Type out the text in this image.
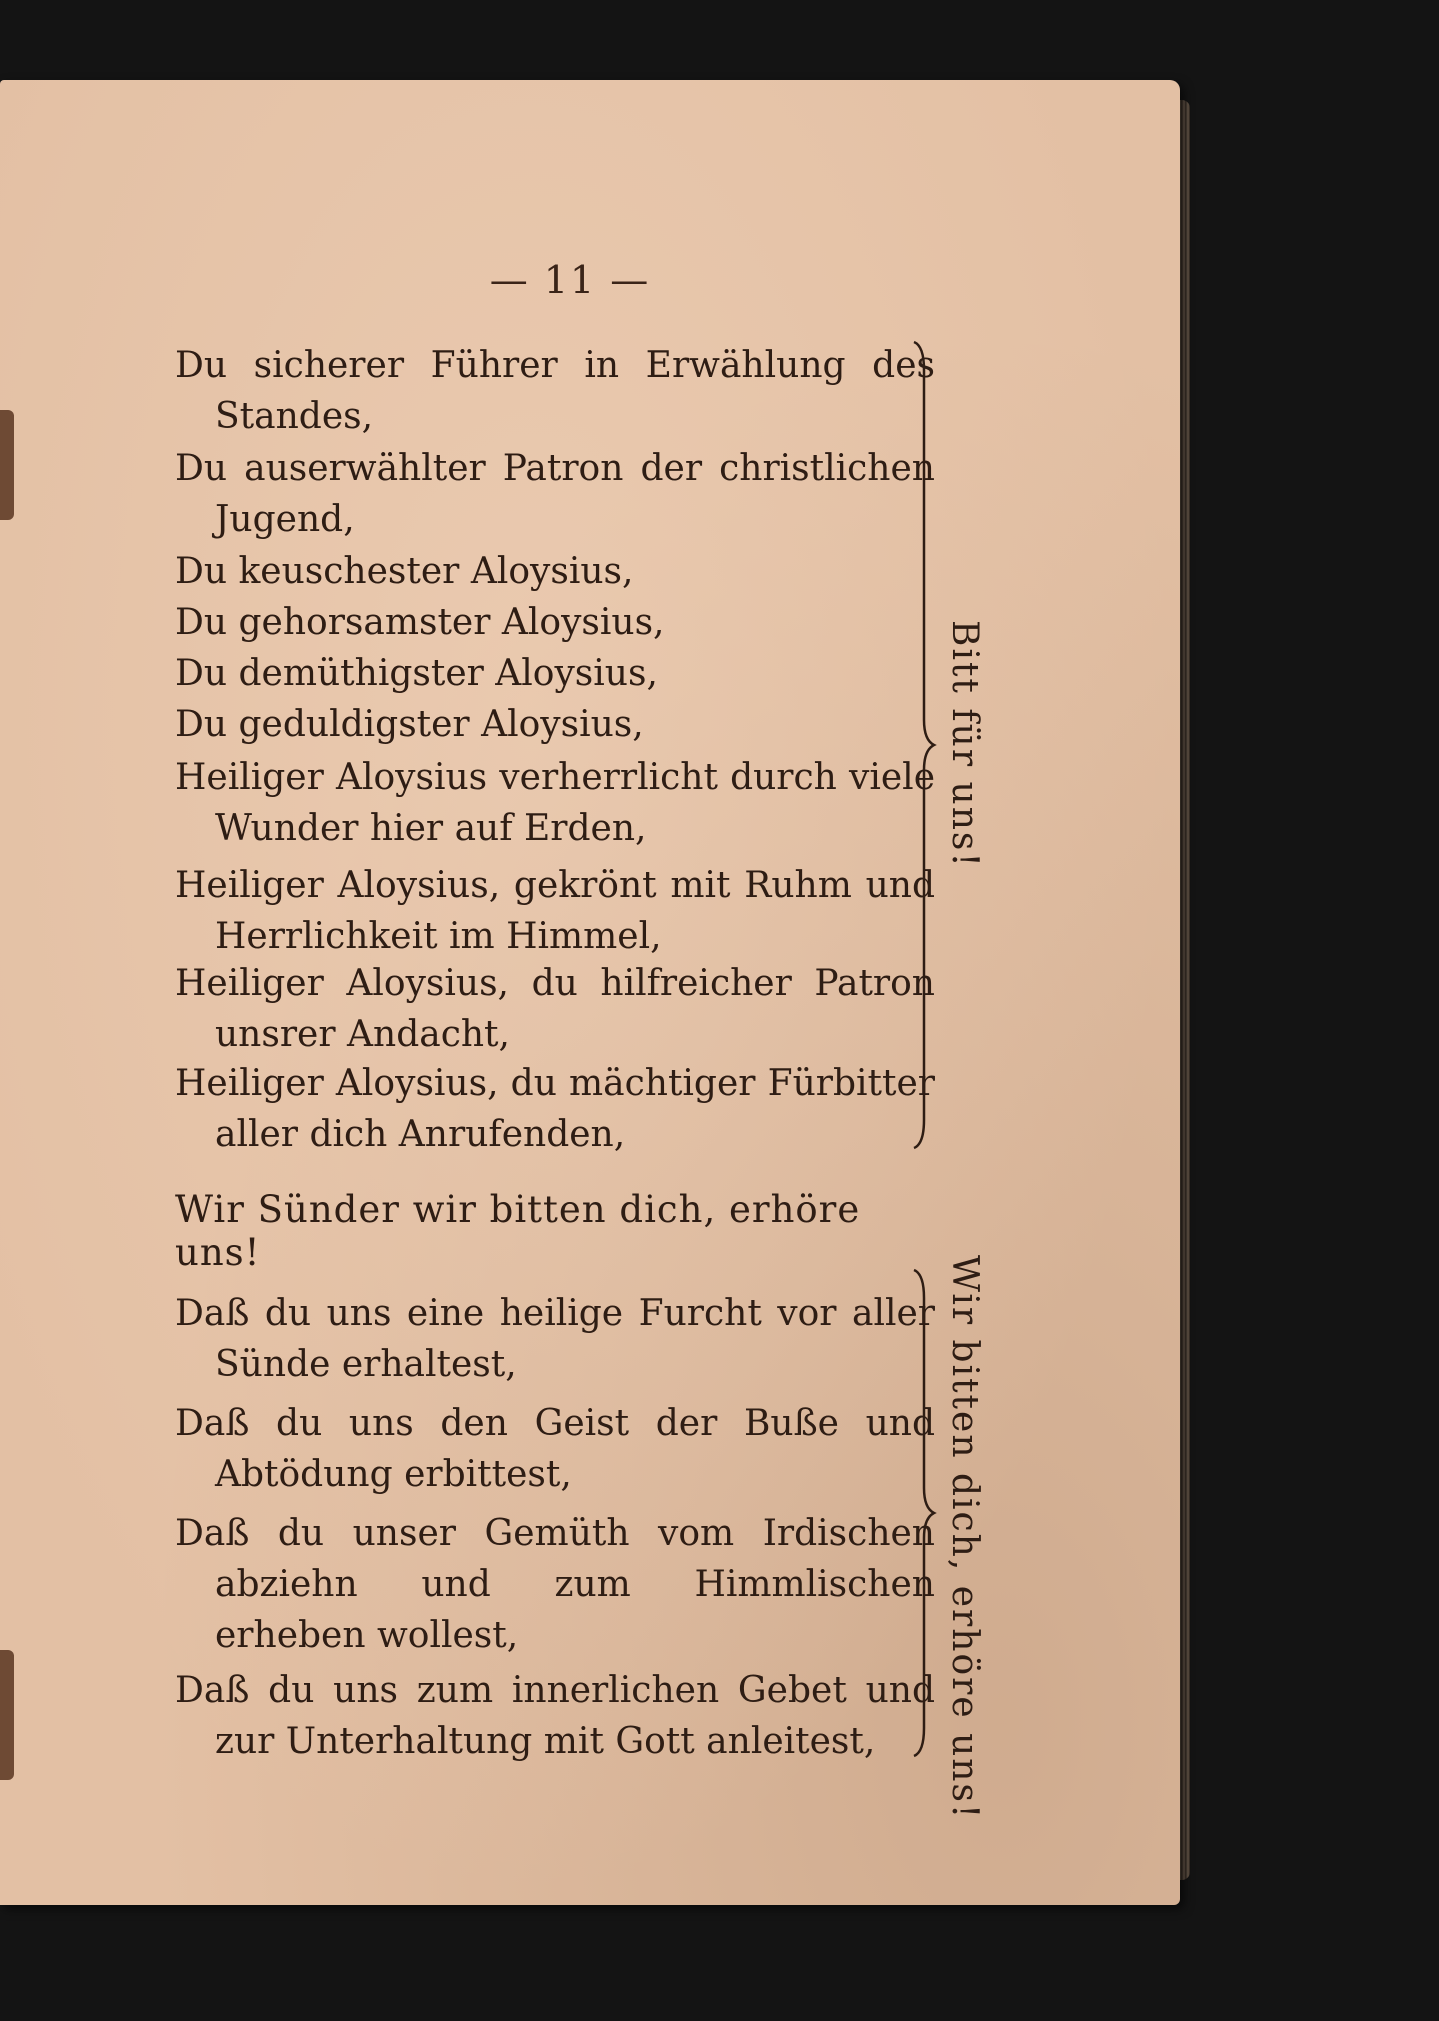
— 11 —

Du sicherer Führer in Erwählung des Standes,

Du auserwählter Patron der christlichen Jugend,

Du keuschester Aloysius,

Du gehorsamster Aloysius,

Du demüthigster Aloysius,

Du geduldigster Aloysius,

Heiliger Aloysius verherrlicht durch viele Wunder hier auf Erden,

Heiliger Aloysius, gekrönt mit Ruhm und Herrlichkeit im Himmel,

Heiliger Aloysius, du hilfreicher Patron unsrer Andacht,

Heiliger Aloysius, du mächtiger Fürbitter aller dich Anrufenden,

Bitt für uns!
Wir Sünder wir bitten dich, erhöre uns!

Daß du uns eine heilige Furcht vor aller Sünde erhaltest,

Daß du uns den Geist der Buße und Abtödung erbittest,

Daß du unser Gemüth vom Irdischen abziehn und zum Himmlischen erheben wollest,

Daß du uns zum innerlichen Gebet und zur Unterhaltung mit Gott anleitest,	Wir bitten dich, erhöre uns!
